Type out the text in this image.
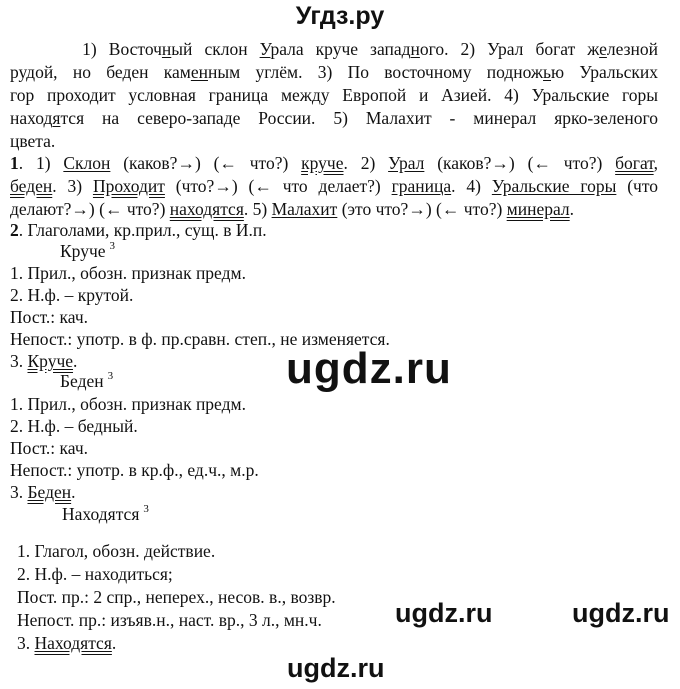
Угдз.ру
1) Восточный склон Урала круче западного. 2) Урал богат железной
рудой, но беден каменным углём. 3) По восточному подножью Уральских
гор проходит условная граница между Европой и Азией. 4) Уральские горы
находятся на северо-западе России. 5) Малахит - минерал ярко-зеленого
цвета.
1. 1) Склон (каков?→) (← что?) круче. 2) Урал (каков?→) (← что?) богат,
беден. 3) Проходит (что?→) (← что делает?) граница. 4) Уральские горы (что
делают?→) (← что?) находятся. 5) Малахит (это что?→) (← что?) минерал.
2. Глаголами, кр.прил., сущ. в И.п.
Круче $^3$
1. Прил., обозн. признак предм.
2. Н.ф. – крутой.
Пост.: кач.
Непост.: употр. в ф. пр.сравн. степ., не изменяется.
3. Круче.
Беден $^3$
1. Прил., обозн. признак предм.
2. Н.ф. – бедный.
Пост.: кач.
Непост.: употр. в кр.ф., ед.ч., м.р.
3. Беден.
Находятся $^3$
1. Глагол, обозн. действие.
2. Н.ф. – находиться;
Пост. пр.: 2 спр., неперех., несов. в., возвр.
Непост. пр.: изъяв.н., наст. вр., 3 л., мн.ч.
3. Находятся.
ugdz.ru
ugdz.ru	ugdz.ru
ugdz.ru
